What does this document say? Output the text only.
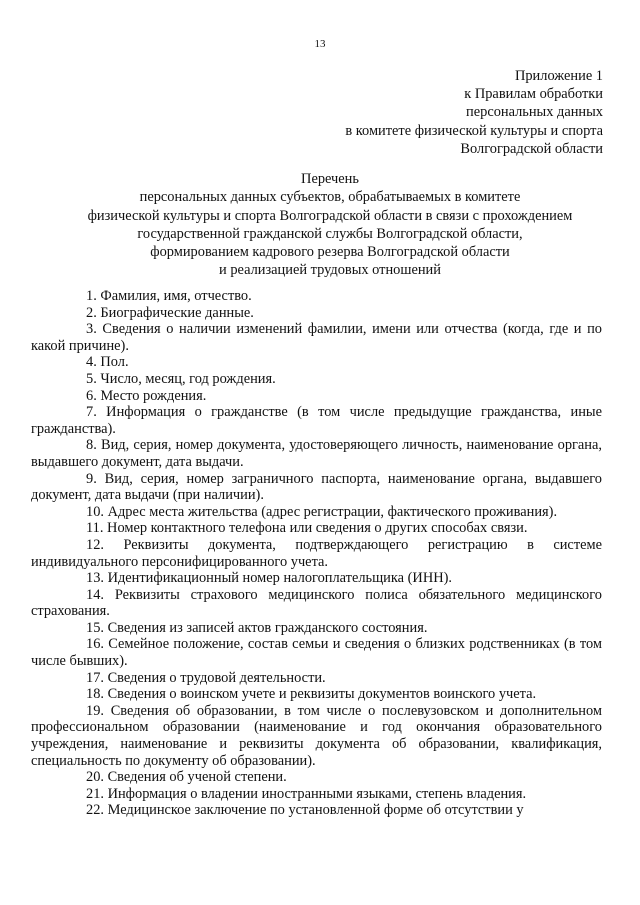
13
Приложение 1
к Правилам обработки
персональных данных
в комитете физической культуры и спорта
Волгоградской области
Перечень
персональных данных субъектов, обрабатываемых в комитете
физической культуры и спорта Волгоградской области в связи с прохождением
государственной гражданской службы Волгоградской области,
формированием кадрового резерва Волгоградской области
и реализацией трудовых отношений
1. Фамилия, имя, отчество.
2. Биографические данные.
3. Сведения о наличии изменений фамилии, имени или отчества (когда, где и по какой причине).
4. Пол.
5. Число, месяц, год рождения.
6. Место рождения.
7. Информация о гражданстве (в том числе предыдущие гражданства, иные гражданства).
8. Вид, серия, номер документа, удостоверяющего личность, наименование органа, выдавшего документ, дата выдачи.
9. Вид, серия, номер заграничного паспорта, наименование органа, выдавшего документ, дата выдачи (при наличии).
10. Адрес места жительства (адрес регистрации, фактического проживания).
11. Номер контактного телефона или сведения о других способах связи.
12. Реквизиты документа, подтверждающего регистрацию в системе индивидуального персонифицированного учета.
13. Идентификационный номер налогоплательщика (ИНН).
14. Реквизиты страхового медицинского полиса обязательного медицинского страхования.
15. Сведения из записей актов гражданского состояния.
16. Семейное положение, состав семьи и сведения о близких родственниках (в том числе бывших).
17. Сведения о трудовой деятельности.
18. Сведения о воинском учете и реквизиты документов воинского учета.
19. Сведения об образовании, в том числе о послевузовском и дополнительном профессиональном образовании (наименование и год окончания образовательного учреждения, наименование и реквизиты документа об образовании, квалификация, специальность по документу об образовании).
20. Сведения об ученой степени.
21. Информация о владении иностранными языками, степень владения.
22. Медицинское заключение по установленной форме об отсутствии у
